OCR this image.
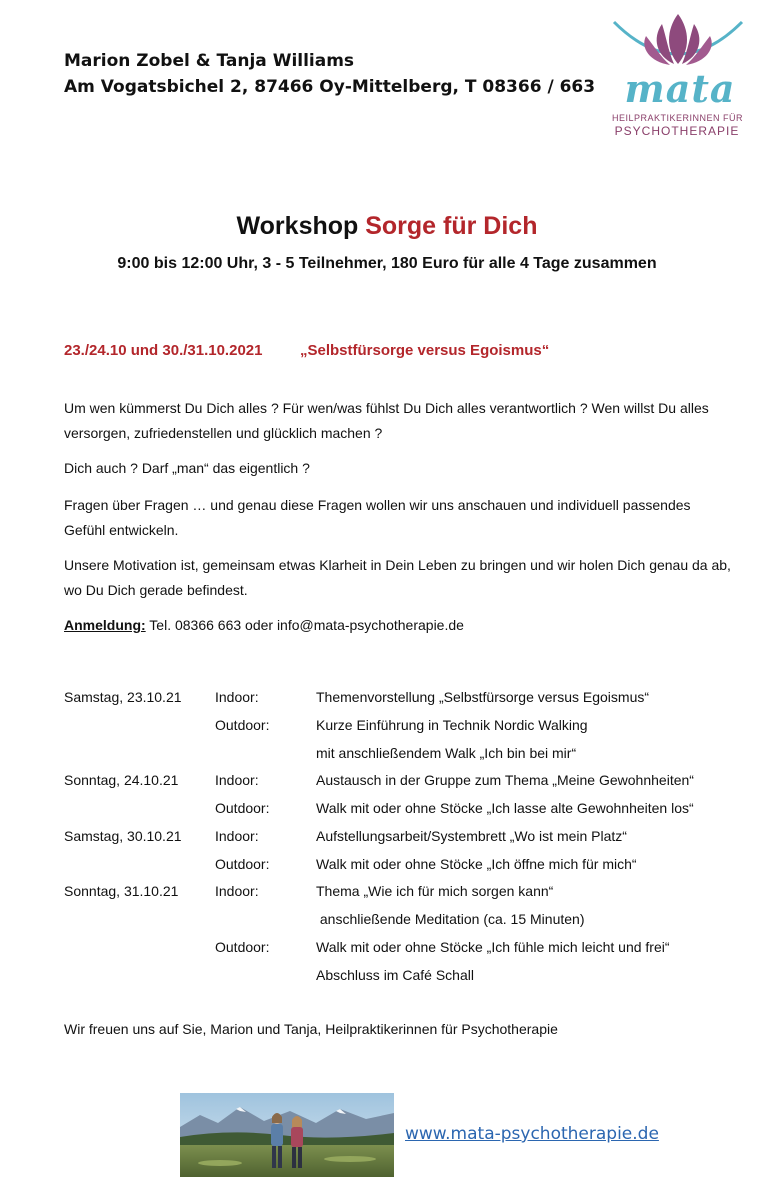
Marion Zobel & Tanja Williams
Am Vogatsbichel 2, 87466 Oy-Mittelberg, T 08366 / 663 mata
HEILPRAKTIKERINNEN FÜR
PSYCHOTHERAPIE
Workshop Sorge für Dich
9:00 bis 12:00 Uhr, 3 - 5 Teilnehmer, 180 Euro für alle 4 Tage zusammen
23./24.10 und 30./31.10.2021	„Selbstfürsorge versus Egoismus“
Um wen kümmerst Du Dich alles ? Für wen/was fühlst Du Dich alles verantwortlich ? Wen willst Du alles versorgen, zufriedenstellen und glücklich machen ?
Dich auch ? Darf „man“ das eigentlich ?
Fragen über Fragen … und genau diese Fragen wollen wir uns anschauen und individuell passendes Gefühl entwickeln.
Unsere Motivation ist, gemeinsam etwas Klarheit in Dein Leben zu bringen und wir holen Dich genau da ab, wo Du Dich gerade befindest.
Anmeldung: Tel. 08366 663 oder info@mata-psychotherapie.de
Samstag, 23.10.21 Indoor:	Themenvorstellung „Selbstfürsorge versus Egoismus“
Outdoor:	Kurze Einführung in Technik Nordic Walking
mit anschließendem Walk „Ich bin bei mir“
Sonntag, 24.10.21	Indoor:	Austausch in der Gruppe zum Thema „Meine Gewohnheiten“
Outdoor:	Walk mit oder ohne Stöcke „Ich lasse alte Gewohnheiten los“
Samstag, 30.10.21 Indoor:	Aufstellungsarbeit/Systembrett „Wo ist mein Platz“
Outdoor:	Walk mit oder ohne Stöcke „Ich öffne mich für mich“
Sonntag, 31.10.21	Indoor:	Thema „Wie ich für mich sorgen kann“
anschließende Meditation (ca. 15 Minuten)
Outdoor:	Walk mit oder ohne Stöcke „Ich fühle mich leicht und frei“
Abschluss im Café Schall
Wir freuen uns auf Sie, Marion und Tanja, Heilpraktikerinnen für Psychotherapie
www.mata-psychotherapie.de
